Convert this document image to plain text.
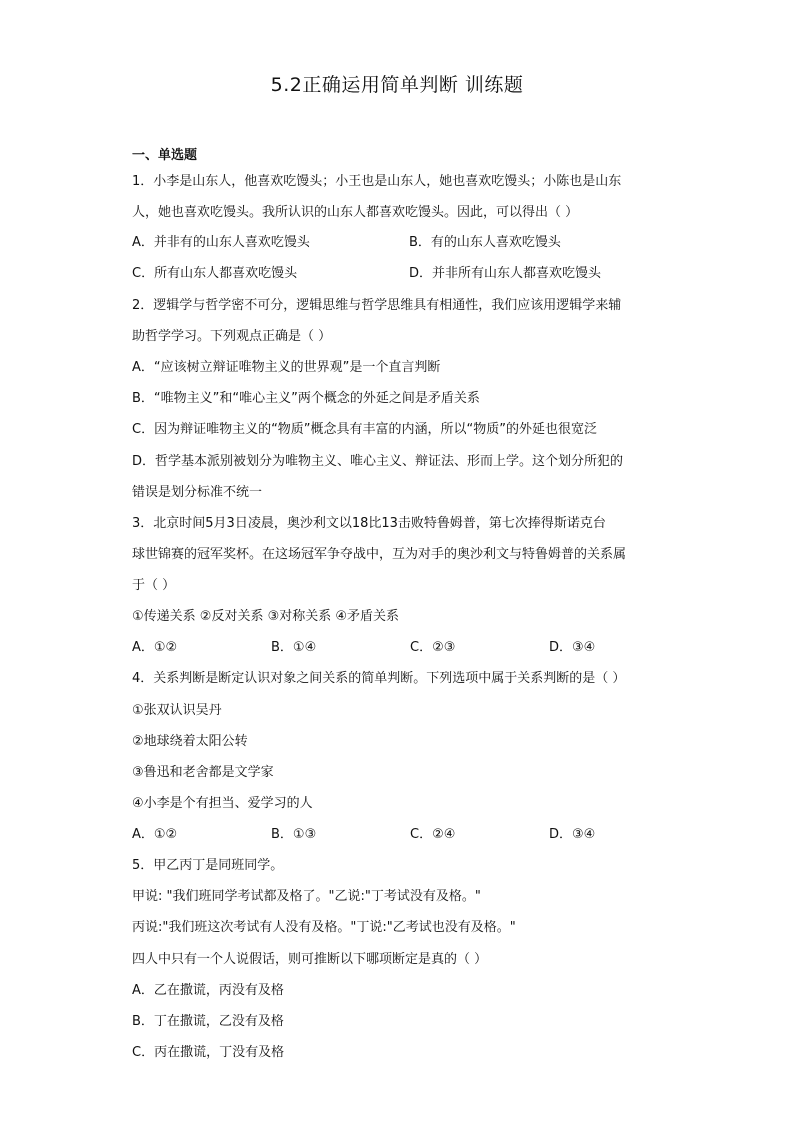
5.2正确运用简单判断 训练题
一、单选题
1．小李是山东人，他喜欢吃馒头；小王也是山东人，她也喜欢吃馒头；小陈也是山东
人，她也喜欢吃馒头。我所认识的山东人都喜欢吃馒头。因此，可以得出（ ）
A．并非有的山东人喜欢吃馒头	B．有的山东人喜欢吃馒头
C．所有山东人都喜欢吃馒头	D．并非所有山东人都喜欢吃馒头
2．逻辑学与哲学密不可分，逻辑思维与哲学思维具有相通性，我们应该用逻辑学来辅
助哲学学习。下列观点正确是（ ）
A．“应该树立辩证唯物主义的世界观”是一个直言判断
B．“唯物主义”和“唯心主义”两个概念的外延之间是矛盾关系
C．因为辩证唯物主义的“物质”概念具有丰富的内涵，所以“物质”的外延也很宽泛
D．哲学基本派别被划分为唯物主义、唯心主义、辩证法、形而上学。这个划分所犯的
错误是划分标准不统一
3．北京时间5月3日凌晨，奥沙利文以18比13击败特鲁姆普，第七次捧得斯诺克台
球世锦赛的冠军奖杯。在这场冠军争夺战中，互为对手的奥沙利文与特鲁姆普的关系属
于（ ）
①传递关系 ②反对关系 ③对称关系 ④矛盾关系
A．①②	B．①④	C．②③	D．③④
4．关系判断是断定认识对象之间关系的简单判断。下列选项中属于关系判断的是（ ）
①张双认识吴丹
②地球绕着太阳公转
③鲁迅和老舍都是文学家
④小李是个有担当、爱学习的人
A．①②	B．①③	C．②④	D．③④
5．甲乙丙丁是同班同学。
甲说: "我们班同学考试都及格了。"乙说:"丁考试没有及格。"
丙说:"我们班这次考试有人没有及格。"丁说:"乙考试也没有及格。"
四人中只有一个人说假话，则可推断以下哪项断定是真的（ ）
A．乙在撒谎，丙没有及格
B．丁在撒谎，乙没有及格
C．丙在撒谎，丁没有及格
